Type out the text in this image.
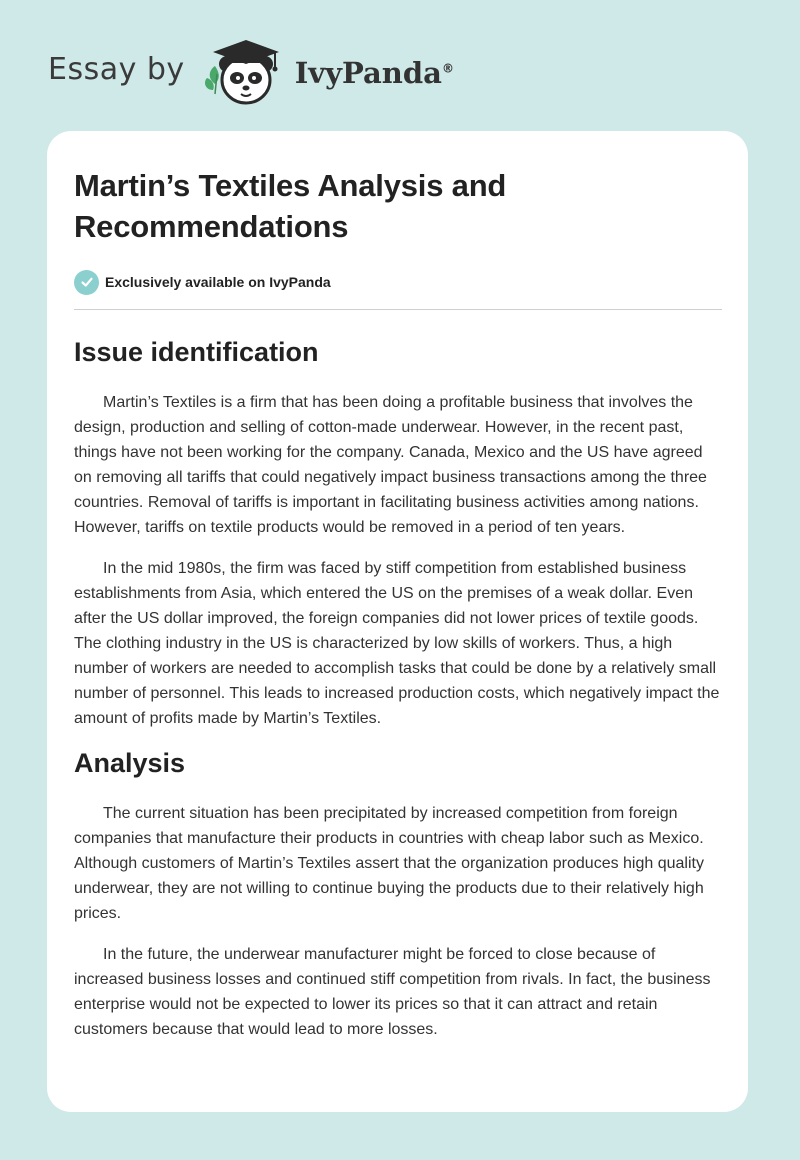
Essay by	IvyPanda®
Martin’s Textiles Analysis and Recommendations
Exclusively available on IvyPanda
Issue identification

Martin’s Textiles is a firm that has been doing a profitable business that involves the design, production and selling of cotton-made underwear. However, in the recent past, things have not been working for the company. Canada, Mexico and the US have agreed on removing all tariffs that could negatively impact business transactions among the three countries. Removal of tariffs is important in facilitating business activities among nations. However, tariffs on textile products would be removed in a period of ten years.

In the mid 1980s, the firm was faced by stiff competition from established business establishments from Asia, which entered the US on the premises of a weak dollar. Even after the US dollar improved, the foreign companies did not lower prices of textile goods. The clothing industry in the US is characterized by low skills of workers. Thus, a high number of workers are needed to accomplish tasks that could be done by a relatively small number of personnel. This leads to increased production costs, which negatively impact the amount of profits made by Martin’s Textiles.

Analysis

The current situation has been precipitated by increased competition from foreign companies that manufacture their products in countries with cheap labor such as Mexico. Although customers of Martin’s Textiles assert that the organization produces high quality underwear, they are not willing to continue buying the products due to their relatively high prices.

In the future, the underwear manufacturer might be forced to close because of increased business losses and continued stiff competition from rivals. In fact, the business enterprise would not be expected to lower its prices so that it can attract and retain customers because that would lead to more losses.
